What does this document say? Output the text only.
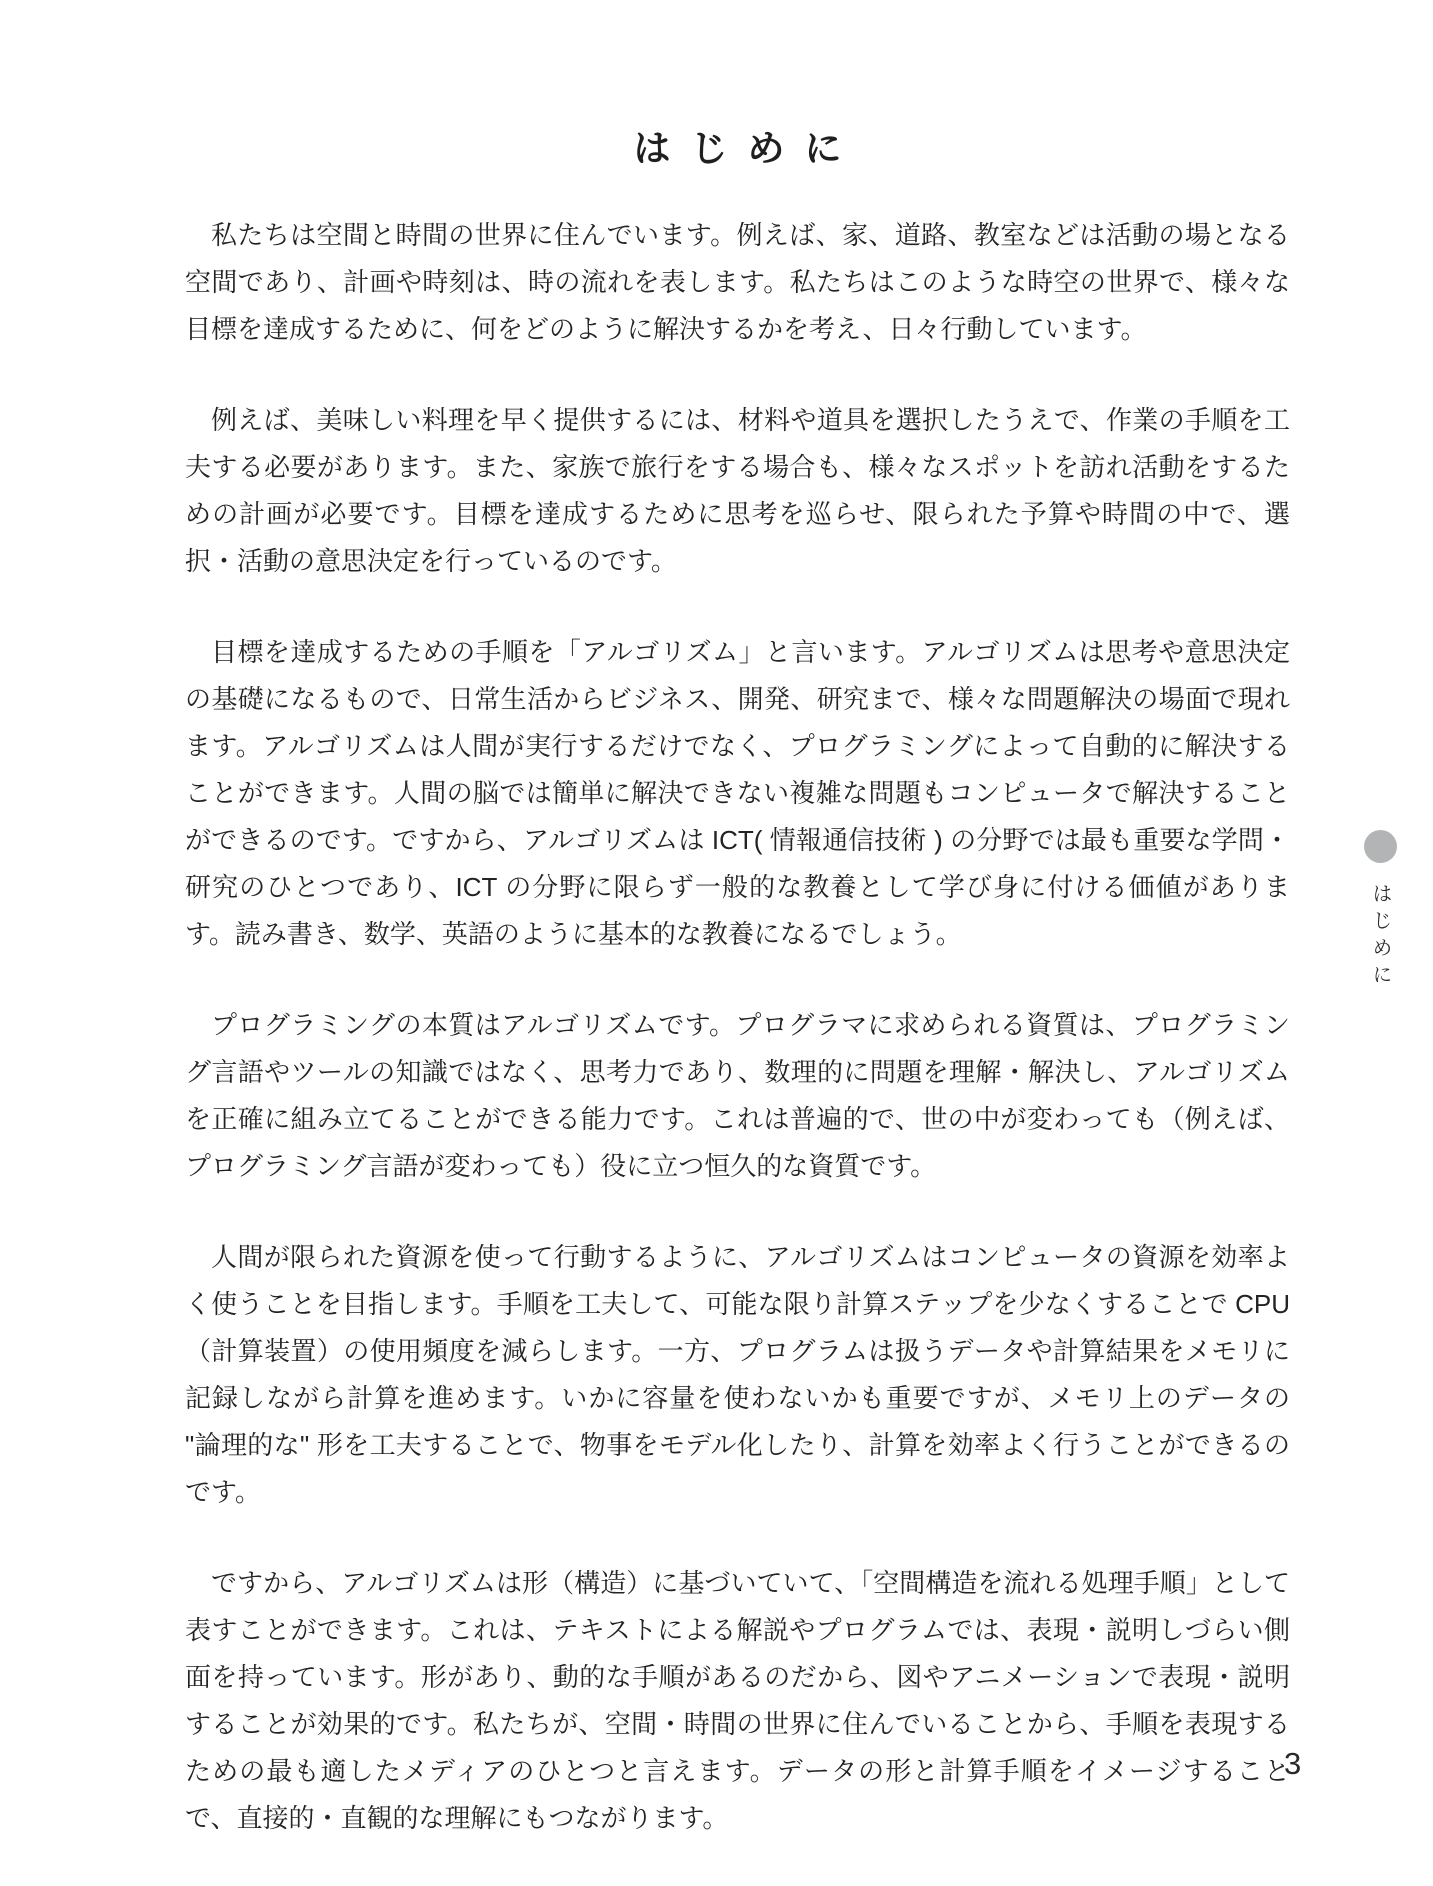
はじめに

私たちは空間と時間の世界に住んでいます。例えば、家、道路、教室などは活動の場となる空間であり、計画や時刻は、時の流れを表します。私たちはこのような時空の世界で、様々な目標を達成するために、何をどのように解決するかを考え、日々行動しています。

例えば、美味しい料理を早く提供するには、材料や道具を選択したうえで、作業の手順を工夫する必要があります。また、家族で旅行をする場合も、様々なスポットを訪れ活動をするための計画が必要です。目標を達成するために思考を巡らせ、限られた予算や時間の中で、選択・活動の意思決定を行っているのです。

目標を達成するための手順を「アルゴリズム」と言います。アルゴリズムは思考や意思決定の基礎になるもので、日常生活からビジネス、開発、研究まで、様々な問題解決の場面で現れます。アルゴリズムは人間が実行するだけでなく、プログラミングによって自動的に解決することができます。人間の脳では簡単に解決できない複雑な問題もコンピュータで解決することができるのです。ですから、アルゴリズムは ICT( 情報通信技術 ) の分野では最も重要な学問・研究のひとつであり、ICT の分野に限らず一般的な教養として学び身に付ける価値があります。読み書き、数学、英語のように基本的な教養になるでしょう。

プログラミングの本質はアルゴリズムです。プログラマに求められる資質は、プログラミング言語やツールの知識ではなく、思考力であり、数理的に問題を理解・解決し、アルゴリズムを正確に組み立てることができる能力です。これは普遍的で、世の中が変わっても（例えば、プログラミング言語が変わっても）役に立つ恒久的な資質です。

人間が限られた資源を使って行動するように、アルゴリズムはコンピュータの資源を効率よく使うことを目指します。手順を工夫して、可能な限り計算ステップを少なくすることで CPU（計算装置）の使用頻度を減らします。一方、プログラムは扱うデータや計算結果をメモリに記録しながら計算を進めます。いかに容量を使わないかも重要ですが、メモリ上のデータの "論理的な" 形を工夫することで、物事をモデル化したり、計算を効率よく行うことができるのです。

ですから、アルゴリズムは形（構造）に基づいていて、「空間構造を流れる処理手順」として表すことができます。これは、テキストによる解説やプログラムでは、表現・説明しづらい側面を持っています。形があり、動的な手順があるのだから、図やアニメーションで表現・説明することが効果的です。私たちが、空間・時間の世界に住んでいることから、手順を表現するための最も適したメディアのひとつと言えます。データの形と計算手順をイメージすることで、直接的・直観的な理解にもつながります。

はじめに
3
